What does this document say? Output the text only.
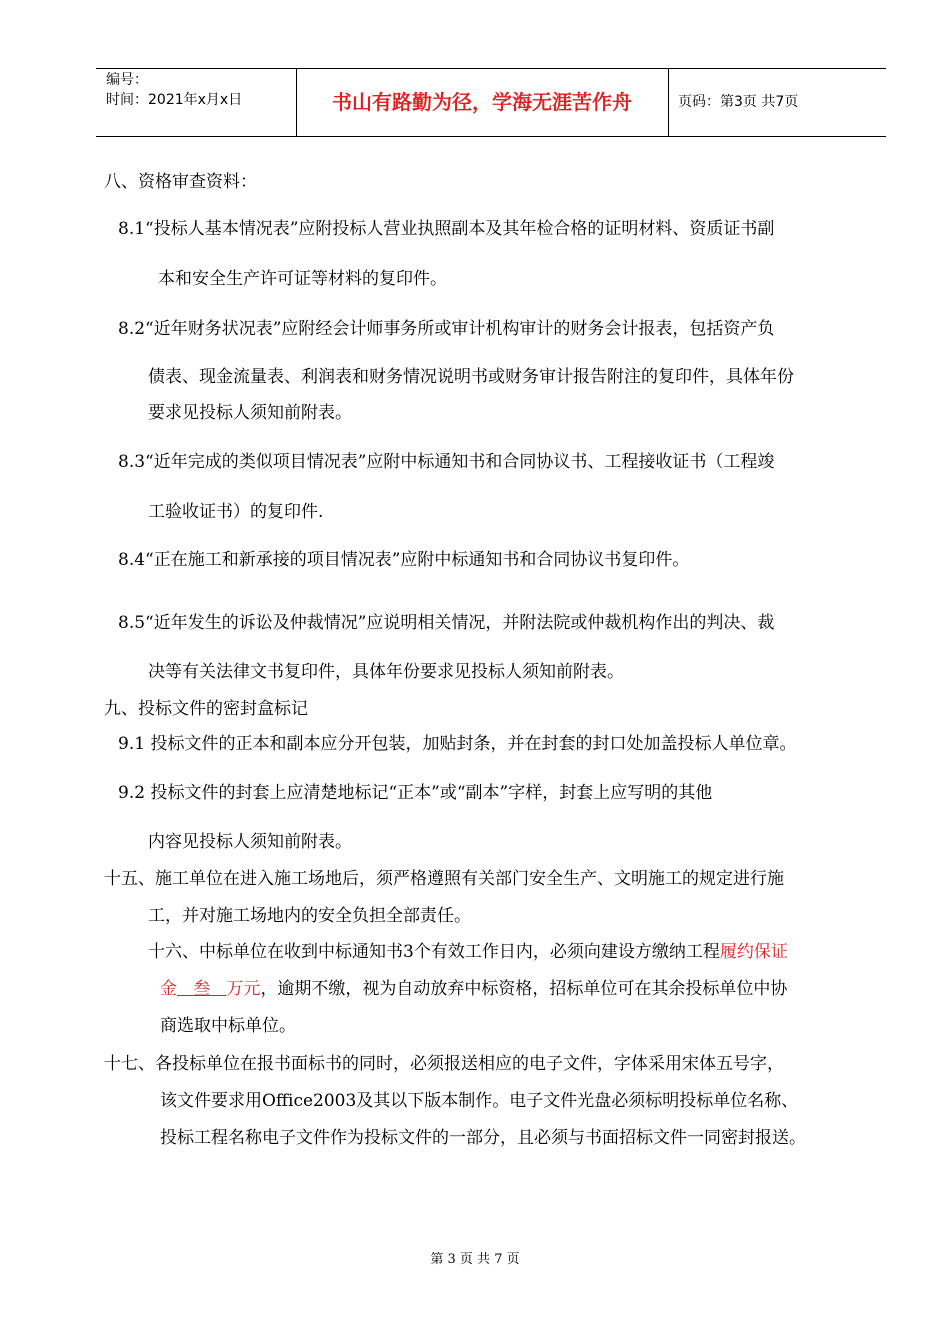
编号：
时间：2021年x月x日	书山有路勤为径，学海无涯苦作舟	页码：第3页 共7页
八、资格审查资料：
8.1“投标人基本情况表”应附投标人营业执照副本及其年检合格的证明材料、资质证书副
本和安全生产许可证等材料的复印件。
8.2“近年财务状况表”应附经会计师事务所或审计机构审计的财务会计报表，包括资产负
债表、现金流量表、利润表和财务情况说明书或财务审计报告附注的复印件，具体年份
要求见投标人须知前附表。
8.3“近年完成的类似项目情况表”应附中标通知书和合同协议书、工程接收证书（工程竣
工验收证书）的复印件.
8.4“正在施工和新承接的项目情况表”应附中标通知书和合同协议书复印件。
8.5“近年发生的诉讼及仲裁情况”应说明相关情况，并附法院或仲裁机构作出的判决、裁
决等有关法律文书复印件，具体年份要求见投标人须知前附表。
九、投标文件的密封盒标记
9.1 投标文件的正本和副本应分开包装，加贴封条，并在封套的封口处加盖投标人单位章。
9.2 投标文件的封套上应清楚地标记“正本”或“副本”字样，封套上应写明的其他
内容见投标人须知前附表。
十五、施工单位在进入施工场地后，须严格遵照有关部门安全生产、文明施工的规定进行施
工，并对施工场地内的安全负担全部责任。
十六、中标单位在收到中标通知书3个有效工作日内，必须向建设方缴纳工程履约保证
金   叁   万元，逾期不缴，视为自动放弃中标资格，招标单位可在其余投标单位中协
商选取中标单位。
十七、各投标单位在报书面标书的同时，必须报送相应的电子文件，字体采用宋体五号字，
该文件要求用Office2003及其以下版本制作。电子文件光盘必须标明投标单位名称、
投标工程名称电子文件作为投标文件的一部分，且必须与书面招标文件一同密封报送。
第 3 页 共 7 页
